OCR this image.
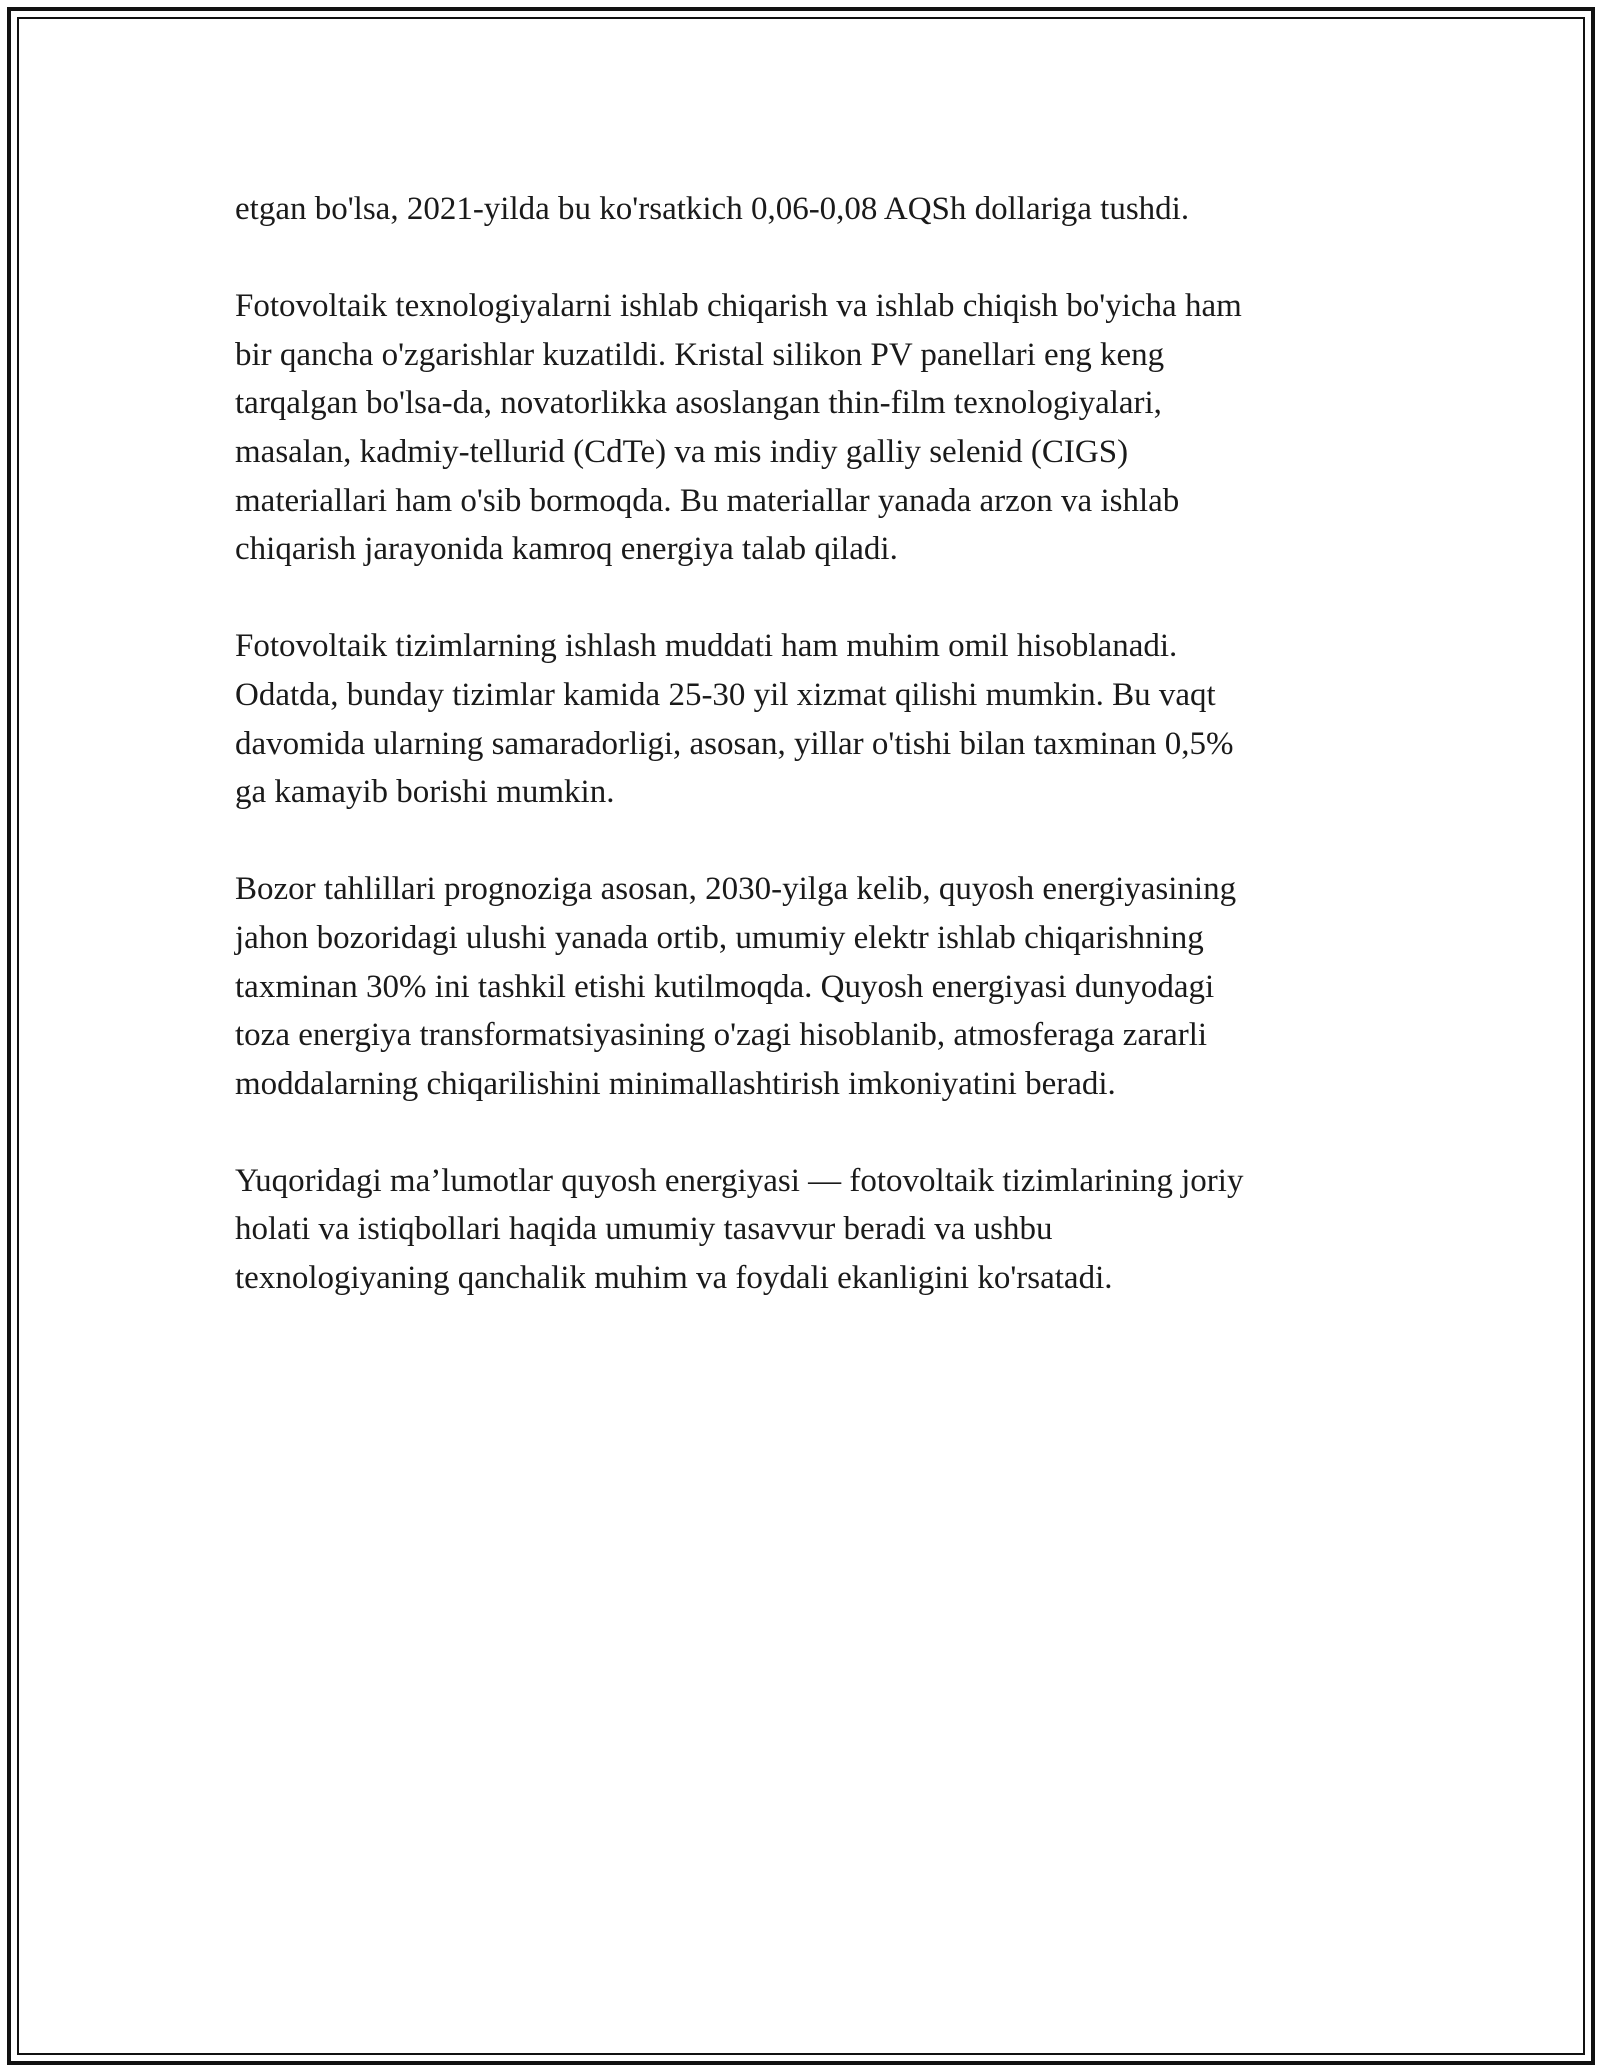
etgan bo'lsa, 2021-yilda bu ko'rsatkich 0,06-0,08 AQSh dollariga tushdi.

Fotovoltaik texnologiyalarni ishlab chiqarish va ishlab chiqish bo'yicha ham
bir qancha o'zgarishlar kuzatildi. Kristal silikon PV panellari eng keng
tarqalgan bo'lsa-da, novatorlikka asoslangan thin-film texnologiyalari,
masalan, kadmiy-tellurid (CdTe) va mis indiy galliy selenid (CIGS)
materiallari ham o'sib bormoqda. Bu materiallar yanada arzon va ishlab
chiqarish jarayonida kamroq energiya talab qiladi.

Fotovoltaik tizimlarning ishlash muddati ham muhim omil hisoblanadi.
Odatda, bunday tizimlar kamida 25-30 yil xizmat qilishi mumkin. Bu vaqt
davomida ularning samaradorligi, asosan, yillar o'tishi bilan taxminan 0,5%
ga kamayib borishi mumkin.

Bozor tahlillari prognoziga asosan, 2030-yilga kelib, quyosh energiyasining
jahon bozoridagi ulushi yanada ortib, umumiy elektr ishlab chiqarishning
taxminan 30% ini tashkil etishi kutilmoqda. Quyosh energiyasi dunyodagi
toza energiya transformatsiyasining o'zagi hisoblanib, atmosferaga zararli
moddalarning chiqarilishini minimallashtirish imkoniyatini beradi.

Yuqoridagi ma’lumotlar quyosh energiyasi — fotovoltaik tizimlarining joriy
holati va istiqbollari haqida umumiy tasavvur beradi va ushbu
texnologiyaning qanchalik muhim va foydali ekanligini ko'rsatadi.
